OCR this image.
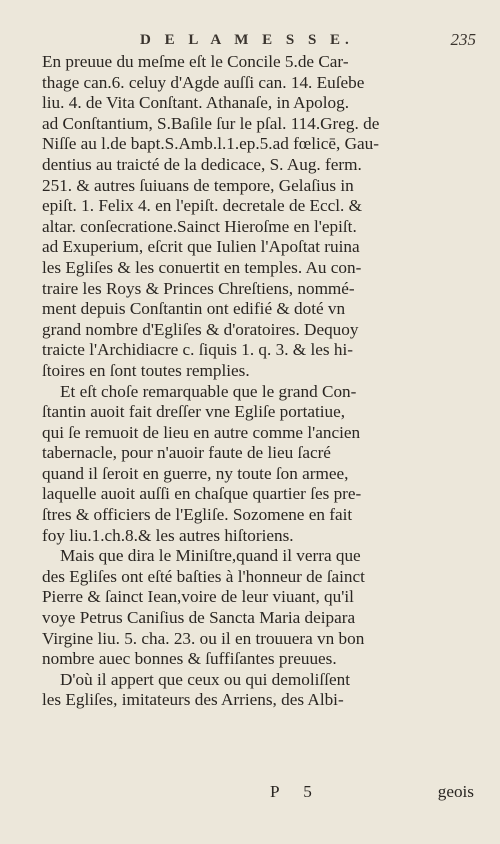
D E L A M E S S E.	235
En preuue du meſme eſt le Concile 5.de Car-
thage can.6. celuy d'Agde auſſi can. 14. Euſebe
liu. 4. de Vita Conſtant. Athanaſe, in Apolog.
ad Conſtantium, S.Baſile ſur le pſal. 114.Greg. de
Niſſe au l.de bapt.S.Amb.l.1.ep.5.ad fœlicē, Gau-
dentius au traicté de la dedicace, S. Aug. ferm.
251. & autres ſuiuans de tempore, Gelaſius in
epiſt. 1. Felix 4. en l'epiſt. decretale de Eccl. &
altar. conſecratione.Sainct Hieroſme en l'epiſt.
ad Exuperium, eſcrit que Iulien l'Apoſtat ruina
les Egliſes & les conuertit en temples. Au con-
traire les Roys & Princes Chreſtiens, nommé-
ment depuis Conſtantin ont edifié & doté vn
grand nombre d'Egliſes & d'oratoires. Dequoy
traicte l'Archidiacre c. ſiquis 1. q. 3. & les hi-
ſtoires en ſont toutes remplies.
Et eſt choſe remarquable que le grand Con-
ſtantin auoit fait dreſſer vne Egliſe portatiue,
qui ſe remuoit de lieu en autre comme l'ancien
tabernacle, pour n'auoir faute de lieu ſacré
quand il ſeroit en guerre, ny toute ſon armee,
laquelle auoit auſſi en chaſque quartier ſes pre-
ſtres & officiers de l'Egliſe. Sozomene en fait
foy liu.1.ch.8.& les autres hiſtoriens.
Mais que dira le Miniſtre,quand il verra que
des Egliſes ont eſté baſties à l'honneur de ſainct
Pierre & ſainct Iean,voire de leur viuant, qu'il
voye Petrus Caniſius de Sancta Maria deipara
Virgine liu. 5. cha. 23. ou il en trouuera vn bon
nombre auec bonnes & ſuffiſantes preuues.
D'où il appert que ceux ou qui demoliſſent
les Egliſes, imitateurs des Arriens, des Albi-
P 5	geois
